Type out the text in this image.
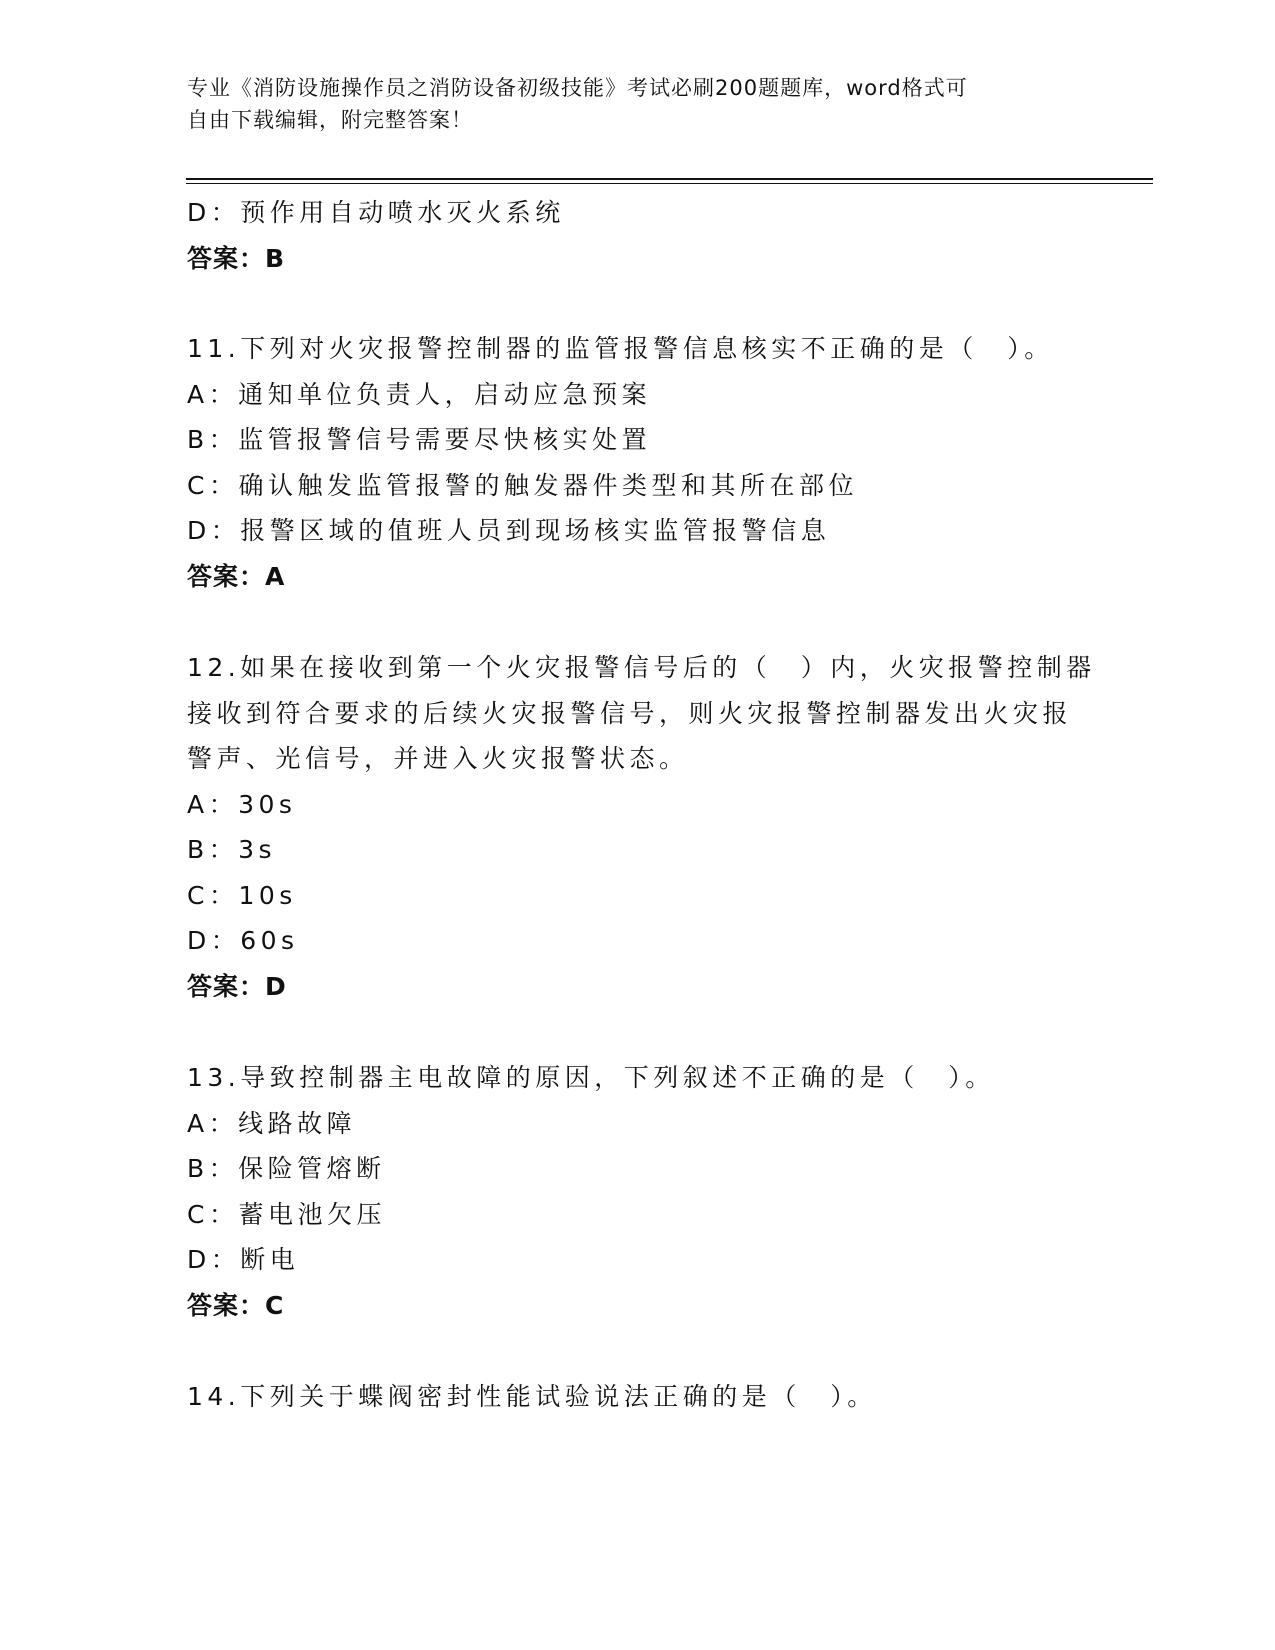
专业《消防设施操作员之消防设备初级技能》考试必刷200题题库，word格式可
自由下载编辑，附完整答案！
D：预作用自动喷水灭火系统
答案：B
11.下列对火灾报警控制器的监管报警信息核实不正确的是（　）。
A：通知单位负责人，启动应急预案
B：监管报警信号需要尽快核实处置
C：确认触发监管报警的触发器件类型和其所在部位
D：报警区域的值班人员到现场核实监管报警信息
答案：A
12.如果在接收到第一个火灾报警信号后的（　）内，火灾报警控制器
接收到符合要求的后续火灾报警信号，则火灾报警控制器发出火灾报
警声、光信号，并进入火灾报警状态。
A：30s
B：3s
C：10s
D：60s
答案：D
13.导致控制器主电故障的原因，下列叙述不正确的是（　）。
A：线路故障
B：保险管熔断
C：蓄电池欠压
D：断电
答案：C
14.下列关于蝶阀密封性能试验说法正确的是（　）。
